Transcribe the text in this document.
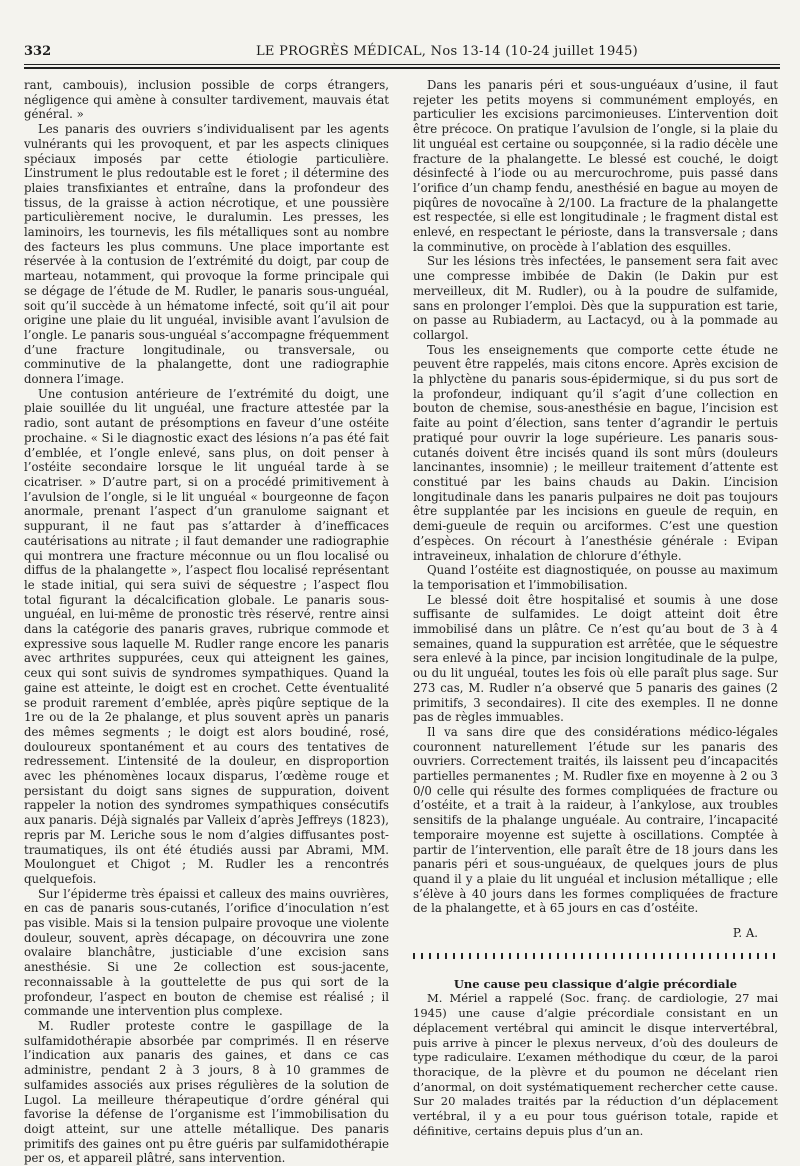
332	LE PROGRÈS MÉDICAL, Nos 13-14 (10-24 juillet 1945)

rant, cambouis), inclusion possible de corps étrangers, négligence qui amène à consulter tardivement, mauvais état général. »

Les panaris des ouvriers s’individualisent par les agents vulnérants qui les provoquent, et par les aspects cliniques spéciaux imposés par cette étiologie particulière. L’instrument le plus redoutable est le foret ; il détermine des plaies transfixiantes et entraîne, dans la profondeur des tissus, de la graisse à action nécrotique, et une poussière particulièrement nocive, le duralumin. Les presses, les laminoirs, les tournevis, les fils métalliques sont au nombre des facteurs les plus communs. Une place importante est réservée à la contusion de l’extrémité du doigt, par coup de marteau, notamment, qui provoque la forme principale qui se dégage de l’étude de M. Rudler, le panaris sous-unguéal, soit qu’il succède à un hématome infecté, soit qu’il ait pour origine une plaie du lit unguéal, invisible avant l’avulsion de l’ongle. Le panaris sous-unguéal s’accompagne fréquemment d’une fracture longitudinale, ou transversale, ou comminutive de la phalangette, dont une radiographie donnera l’image.

Une contusion antérieure de l’extrémité du doigt, une plaie souillée du lit unguéal, une fracture attestée par la radio, sont autant de présomptions en faveur d’une ostéite prochaine. « Si le diagnostic exact des lésions n’a pas été fait d’emblée, et l’ongle enlevé, sans plus, on doit penser à l’ostéite secondaire lorsque le lit unguéal tarde à se cicatriser. » D’autre part, si on a procédé primitivement à l’avulsion de l’ongle, si le lit unguéal « bourgeonne de façon anormale, prenant l’aspect d’un granulome saignant et suppurant, il ne faut pas s’attarder à d’inefficaces cautérisations au nitrate ; il faut demander une radiographie qui montrera une fracture méconnue ou un flou localisé ou diffus de la phalangette », l’aspect flou localisé représentant le stade initial, qui sera suivi de séquestre ; l’aspect flou total figurant la décalcification globale. Le panaris sous-unguéal, en lui-même de pronostic très réservé, rentre ainsi dans la catégorie des panaris graves, rubrique commode et expressive sous laquelle M. Rudler range encore les panaris avec arthrites suppurées, ceux qui atteignent les gaines, ceux qui sont suivis de syndromes sympathiques. Quand la gaine est atteinte, le doigt est en crochet. Cette éventualité se produit rarement d’emblée, après piqûre septique de la 1re ou de la 2e phalange, et plus souvent après un panaris des mêmes segments ; le doigt est alors boudiné, rosé, douloureux spontanément et au cours des tentatives de redressement. L’intensité de la douleur, en disproportion avec les phénomènes locaux disparus, l’œdème rouge et persistant du doigt sans signes de suppuration, doivent rappeler la notion des syndromes sympathiques consécutifs aux panaris. Déjà signalés par Valleix d’après Jeffreys (1823), repris par M. Leriche sous le nom d’algies diffusantes post-traumatiques, ils ont été étudiés aussi par Abrami, MM. Moulonguet et Chigot ; M. Rudler les a rencontrés quelquefois.

Sur l’épiderme très épaissi et calleux des mains ouvrières, en cas de panaris sous-cutanés, l’orifice d’inoculation n’est pas visible. Mais si la tension pulpaire provoque une violente douleur, souvent, après décapage, on découvrira une zone ovalaire blanchâtre, justiciable d’une excision sans anesthésie. Si une 2e collection est sous-jacente, reconnaissable à la gouttelette de pus qui sort de la profondeur, l’aspect en bouton de chemise est réalisé ; il commande une intervention plus complexe.

M. Rudler proteste contre le gaspillage de la sulfamidothérapie absorbée par comprimés. Il en réserve l’indication aux panaris des gaines, et dans ce cas administre, pendant 2 à 3 jours, 8 à 10 grammes de sulfamides associés aux prises régulières de la solution de Lugol. La meilleure thérapeutique d’ordre général qui favorise la défense de l’organisme est l’immobilisation du doigt atteint, sur une attelle métallique. Des panaris primitifs des gaines ont pu être guéris par sulfamidothérapie per os, et appareil plâtré, sans intervention.

Dans les panaris péri et sous-unguéaux d’usine, il faut rejeter les petits moyens si communément employés, en particulier les excisions parcimonieuses. L’intervention doit être précoce. On pratique l’avulsion de l’ongle, si la plaie du lit unguéal est certaine ou soupçonnée, si la radio décèle une fracture de la phalangette. Le blessé est couché, le doigt désinfecté à l’iode ou au mercurochrome, puis passé dans l’orifice d’un champ fendu, anesthésié en bague au moyen de piqûres de novocaïne à 2/100. La fracture de la phalangette est respectée, si elle est longitudinale ; le fragment distal est enlevé, en respectant le périoste, dans la transversale ; dans la comminutive, on procède à l’ablation des esquilles.

Sur les lésions très infectées, le pansement sera fait avec une compresse imbibée de Dakin (le Dakin pur est merveilleux, dit M. Rudler), ou à la poudre de sulfamide, sans en prolonger l’emploi. Dès que la suppuration est tarie, on passe au Rubiaderm, au Lactacyd, ou à la pommade au collargol.

Tous les enseignements que comporte cette étude ne peuvent être rappelés, mais citons encore. Après excision de la phlyctène du panaris sous-épidermique, si du pus sort de la profondeur, indiquant qu’il s’agit d’une collection en bouton de chemise, sous-anesthésie en bague, l’incision est faite au point d’élection, sans tenter d’agrandir le pertuis pratiqué pour ouvrir la loge supérieure. Les panaris sous-cutanés doivent être incisés quand ils sont mûrs (douleurs lancinantes, insomnie) ; le meilleur traitement d’attente est constitué par les bains chauds au Dakin. L’incision longitudinale dans les panaris pulpaires ne doit pas toujours être supplantée par les incisions en gueule de requin, en demi-gueule de requin ou arciformes. C’est une question d’espèces. On récourt à l’anesthésie générale : Evipan intraveineux, inhalation de chlorure d’éthyle.

Quand l’ostéite est diagnostiquée, on pousse au maximum la temporisation et l’immobilisation.

Le blessé doit être hospitalisé et soumis à une dose suffisante de sulfamides. Le doigt atteint doit être immobilisé dans un plâtre. Ce n’est qu’au bout de 3 à 4 semaines, quand la suppuration est arrêtée, que le séquestre sera enlevé à la pince, par incision longitudinale de la pulpe, ou du lit unguéal, toutes les fois où elle paraît plus sage. Sur 273 cas, M. Rudler n’a observé que 5 panaris des gaines (2 primitifs, 3 secondaires). Il cite des exemples. Il ne donne pas de règles immuables.

Il va sans dire que des considérations médico-légales couronnent naturellement l’étude sur les panaris des ouvriers. Correctement traités, ils laissent peu d’incapacités partielles permanentes ; M. Rudler fixe en moyenne à 2 ou 3 0/0 celle qui résulte des formes compliquées de fracture ou d’ostéite, et a trait à la raideur, à l’ankylose, aux troubles sensitifs de la phalange unguéale. Au contraire, l’incapacité temporaire moyenne est sujette à oscillations. Comptée à partir de l’intervention, elle paraît être de 18 jours dans les panaris péri et sous-unguéaux, de quelques jours de plus quand il y a plaie du lit unguéal et inclusion métallique ; elle s’élève à 40 jours dans les formes compliquées de fracture de la phalangette, et à 65 jours en cas d’ostéite.

P. A.

Une cause peu classique d’algie précordiale

M. Mériel a rappelé (Soc. franç. de cardiologie, 27 mai 1945) une cause d’algie précordiale consistant en un déplacement vertébral qui amincit le disque intervertébral, puis arrive à pincer le plexus nerveux, d’où des douleurs de type radiculaire. L’examen méthodique du cœur, de la paroi thoracique, de la plèvre et du poumon ne décelant rien d’anormal, on doit systématiquement rechercher cette cause. Sur 20 malades traités par la réduction d’un déplacement vertébral, il y a eu pour tous guérison totale, rapide et définitive, certains depuis plus d’un an.
